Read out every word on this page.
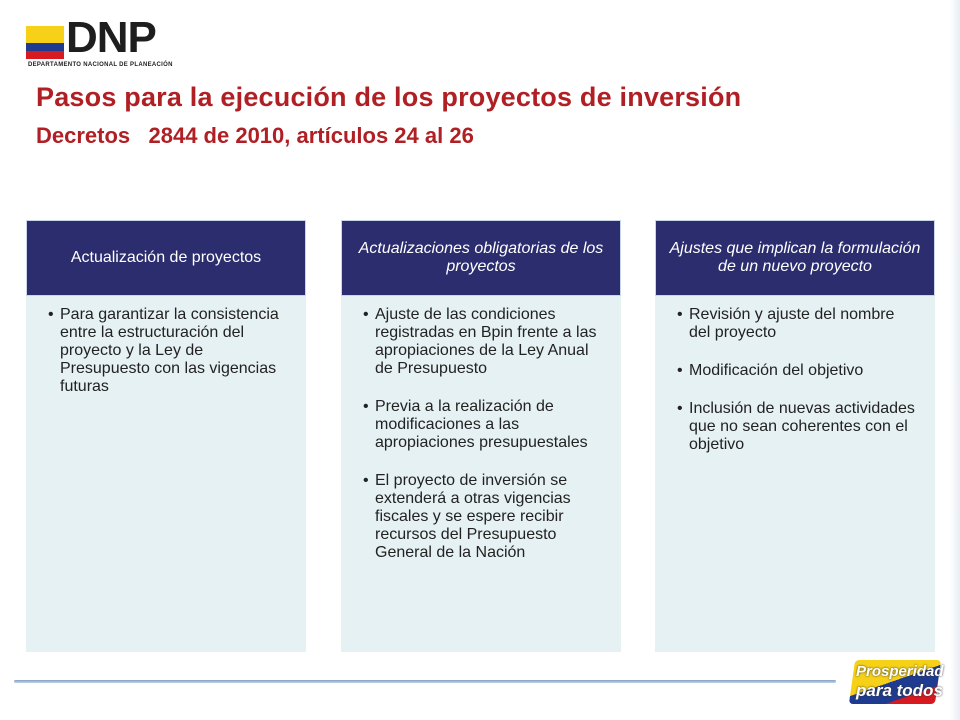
DNP
DEPARTAMENTO NACIONAL DE PLANEACIÓN
Pasos para la ejecución de los proyectos de inversión
Decretos   2844 de 2010, artículos 24 al 26
Actualización de proyectos
• Para garantizar la consistencia entre la estructuración del proyecto y la Ley de Presupuesto con las vigencias futuras
Actualizaciones obligatorias de los proyectos
• Ajuste de las condiciones registradas en Bpin frente a las apropiaciones de la Ley Anual de Presupuesto
• Previa a la realización de modificaciones a las apropiaciones presupuestales
• El proyecto de inversión se extenderá a otras vigencias fiscales y se espere recibir recursos del Presupuesto General de la Nación
Ajustes que implican la formulación de un nuevo proyecto
• Revisión y ajuste del nombre del proyecto
• Modificación del objetivo
• Inclusión de nuevas actividades que no sean coherentes con el objetivo
Prosperidad
para todos
